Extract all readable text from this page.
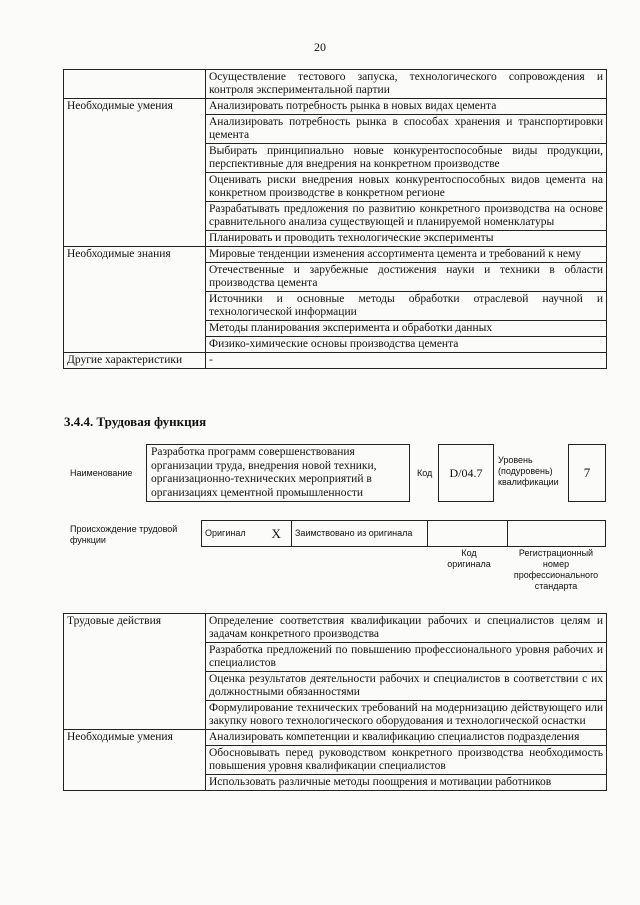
20
	Осуществление тестового запуска, технологического сопровождения и контроля экспериментальной партии
Необходимые умения	Анализировать потребность рынка в новых видах цемента
	Анализировать потребность рынка в способах хранения и транспортировки цемента
	Выбирать принципиально новые конкурентоспособные виды продукции, перспективные для внедрения на конкретном производстве
	Оценивать риски внедрения новых конкурентоспособных видов цемента на конкретном производстве в конкретном регионе
	Разрабатывать предложения по развитию конкретного производства на основе сравнительного анализа существующей и планируемой номенклатуры
	Планировать и проводить технологические эксперименты
Необходимые знания	Мировые тенденции изменения ассортимента цемента и требований к нему
	Отечественные и зарубежные достижения науки и техники в области производства цемента
	Источники и основные методы обработки отраслевой научной и технологической информации
	Методы планирования эксперимента и обработки данных
	Физико-химические основы производства цемента
Другие характеристики	-
3.4.4. Трудовая функция
Наименование
Разработка программ совершенствования организации труда, внедрения новой техники, организационно-технических мероприятий в организациях цементной промышленности
Код D/04.7
Уровень (подуровень) квалификации
7
Происхождение трудовой функции
Оригинал	X	Заимствовано из оригинала		
Код оригинала
Регистрационный номер профессионального стандарта
Трудовые действия	Определение соответствия квалификации рабочих и специалистов целям и задачам конкретного производства
	Разработка предложений по повышению профессионального уровня рабочих и специалистов
	Оценка результатов деятельности рабочих и специалистов в соответствии с их должностными обязанностями
	Формулирование технических требований на модернизацию действующего или закупку нового технологического оборудования и технологической оснастки
Необходимые умения	Анализировать компетенции и квалификацию специалистов подразделения
	Обосновывать перед руководством конкретного производства необходимость повышения уровня квалификации специалистов
	Использовать различные методы поощрения и мотивации работников
